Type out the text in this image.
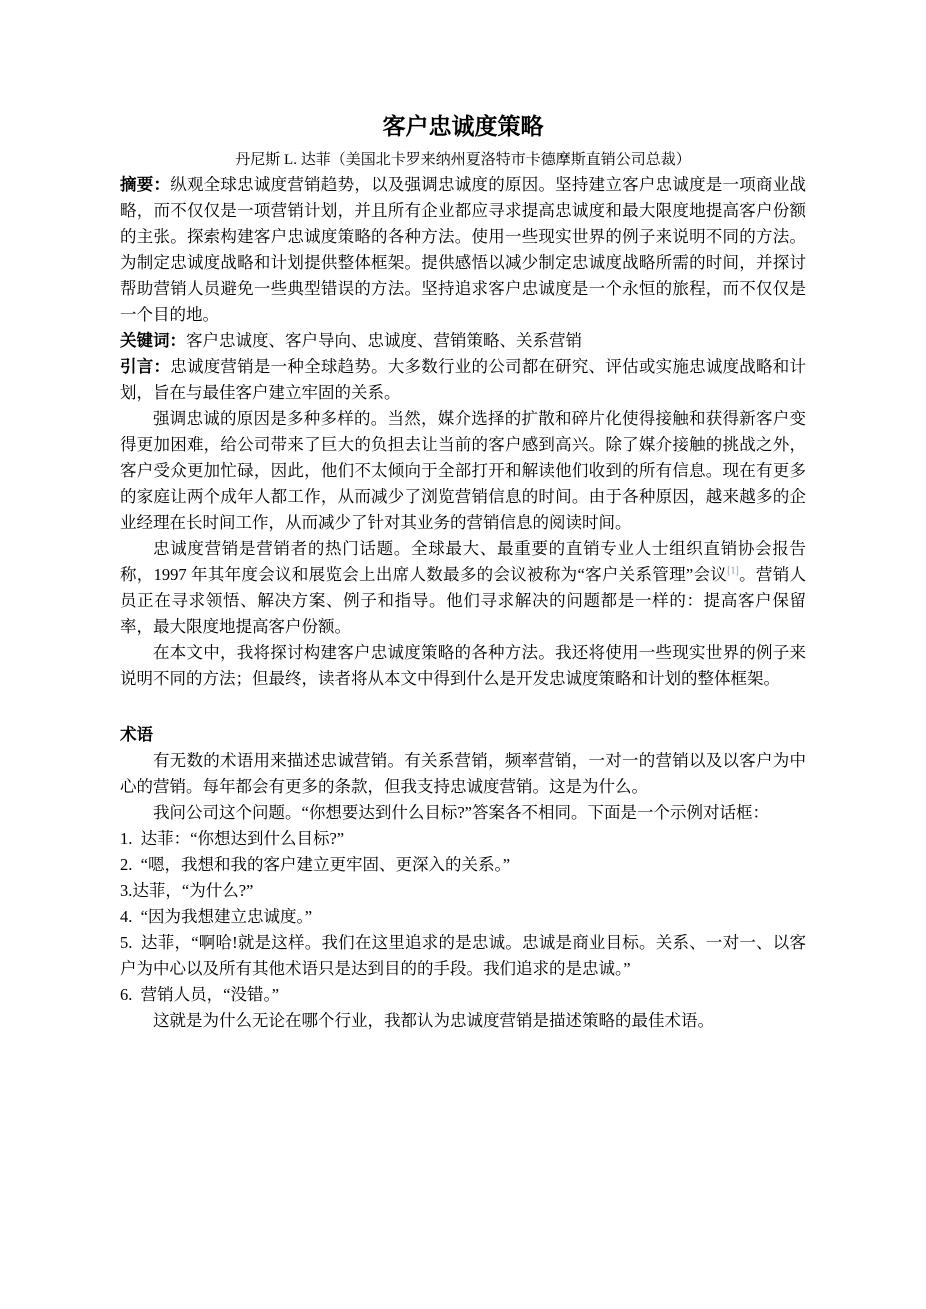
客户忠诚度策略
丹尼斯 L. 达菲（美国北卡罗来纳州夏洛特市卡德摩斯直销公司总裁）

摘要：纵观全球忠诚度营销趋势，以及强调忠诚度的原因。坚持建立客户忠诚度是一项商业战略，而不仅仅是一项营销计划，并且所有企业都应寻求提高忠诚度和最大限度地提高客户份额的主张。探索构建客户忠诚度策略的各种方法。使用一些现实世界的例子来说明不同的方法。为制定忠诚度战略和计划提供整体框架。提供感悟以减少制定忠诚度战略所需的时间，并探讨帮助营销人员避免一些典型错误的方法。坚持追求客户忠诚度是一个永恒的旅程，而不仅仅是一个目的地。

关键词：客户忠诚度、客户导向、忠诚度、营销策略、关系营销

引言：忠诚度营销是一种全球趋势。大多数行业的公司都在研究、评估或实施忠诚度战略和计划，旨在与最佳客户建立牢固的关系。

强调忠诚的原因是多种多样的。当然，媒介选择的扩散和碎片化使得接触和获得新客户变得更加困难，给公司带来了巨大的负担去让当前的客户感到高兴。除了媒介接触的挑战之外，客户受众更加忙碌，因此，他们不太倾向于全部打开和解读他们收到的所有信息。现在有更多的家庭让两个成年人都工作，从而减少了浏览营销信息的时间。由于各种原因，越来越多的企业经理在长时间工作，从而减少了针对其业务的营销信息的阅读时间。

忠诚度营销是营销者的热门话题。全球最大、最重要的直销专业人士组织直销协会报告称，1997 年其年度会议和展览会上出席人数最多的会议被称为“客户关系管理”会议[1]。营销人员正在寻求领悟、解决方案、例子和指导。他们寻求解决的问题都是一样的：提高客户保留率，最大限度地提高客户份额。

在本文中，我将探讨构建客户忠诚度策略的各种方法。我还将使用一些现实世界的例子来说明不同的方法；但最终，读者将从本文中得到什么是开发忠诚度策略和计划的整体框架。

术语

有无数的术语用来描述忠诚营销。有关系营销，频率营销，一对一的营销以及以客户为中心的营销。每年都会有更多的条款，但我支持忠诚度营销。这是为什么。

我问公司这个问题。“你想要达到什么目标?”答案各不相同。下面是一个示例对话框：

1.  达菲：“你想达到什么目标?”

2.  “嗯，我想和我的客户建立更牢固、更深入的关系。”

3.达菲，“为什么?”

4.  “因为我想建立忠诚度。”

5.  达菲，“啊哈!就是这样。我们在这里追求的是忠诚。忠诚是商业目标。关系、一对一、以客户为中心以及所有其他术语只是达到目的的手段。我们追求的是忠诚。”

6.  营销人员，“没错。”

这就是为什么无论在哪个行业，我都认为忠诚度营销是描述策略的最佳术语。
